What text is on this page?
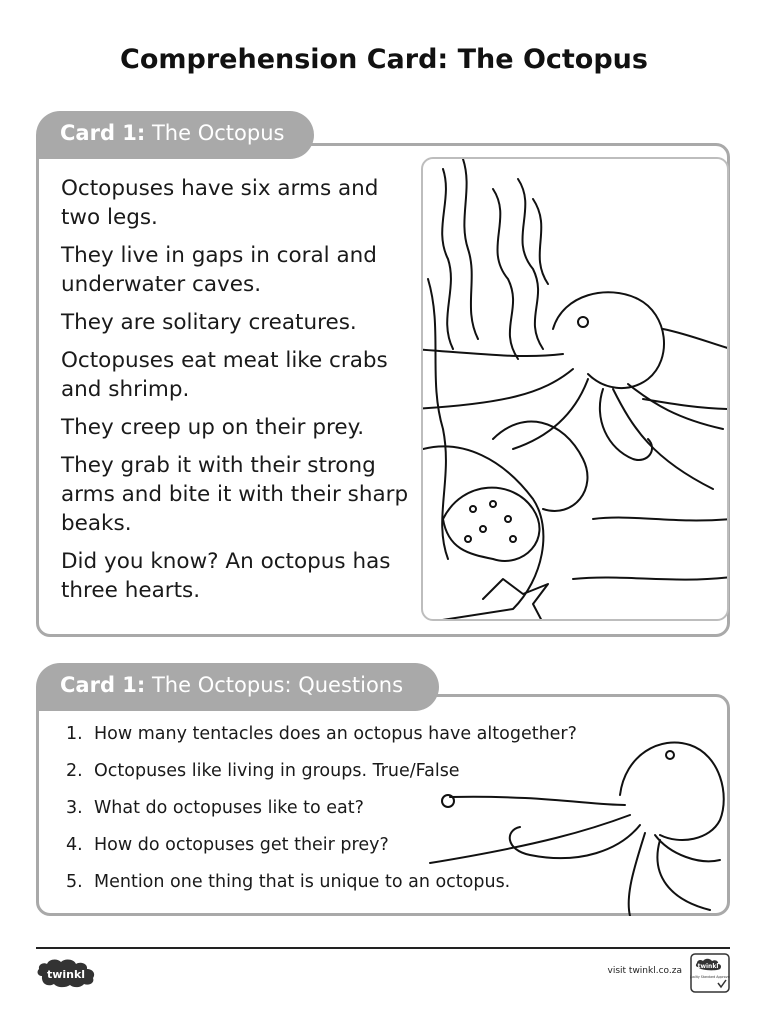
Comprehension Card: The Octopus
Card 1: The Octopus

Octopuses have six arms and two legs.

They live in gaps in coral and underwater caves.

They are solitary creatures.

Octopuses eat meat like crabs and shrimp.

They creep up on their prey.

They grab it with their strong arms and bite it with their sharp beaks.

Did you know? An octopus has three hearts.

Card 1: The Octopus: Questions
1. How many tentacles does an octopus have altogether?
2. Octopuses like living in groups. True/False
3. What do octopuses like to eat?
4. How do octopuses get their prey?
5. Mention one thing that is unique to an octopus.
twinkl	visit twinkl.co.za	twinkl
Quality Standard Approved
